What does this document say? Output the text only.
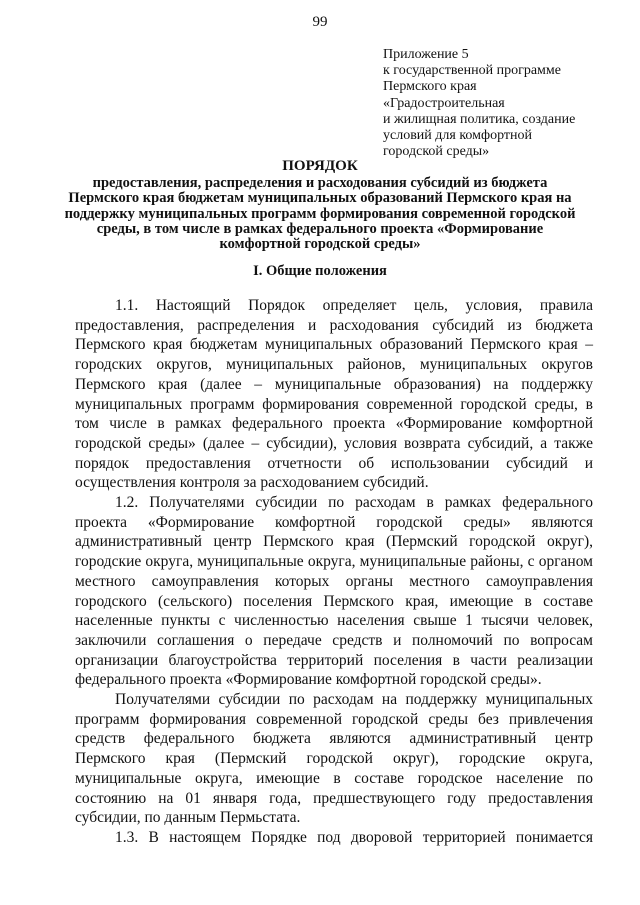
99
Приложение 5
к государственной программе
Пермского края
«Градостроительная
и жилищная политика, создание
условий для комфортной
городской среды»
ПОРЯДОК
предоставления, распределения и расходования субсидий из бюджета Пермского края бюджетам муниципальных образований Пермского края на поддержку муниципальных программ формирования современной городской среды, в том числе в рамках федерального проекта «Формирование комфортной городской среды»
I. Общие положения

1.1. Настоящий Порядок определяет цель, условия, правила предоставления, распределения и расходования субсидий из бюджета Пермского края бюджетам муниципальных образований Пермского края – городских округов, муниципальных районов, муниципальных округов Пермского края (далее – муниципальные образования) на поддержку муниципальных программ формирования современной городской среды, в том числе в рамках федерального проекта «Формирование комфортной городской среды» (далее – субсидии), условия возврата субсидий, а также порядок предоставления отчетности об использовании субсидий и осуществления контроля за расходованием субсидий.

1.2. Получателями субсидии по расходам в рамках федерального проекта «Формирование комфортной городской среды» являются административный центр Пермского края (Пермский городской округ), городские округа, муниципальные округа, муниципальные районы, с органом местного самоуправления которых органы местного самоуправления городского (сельского) поселения Пермского края, имеющие в составе населенные пункты с численностью населения свыше 1 тысячи человек, заключили соглашения о передаче средств и полномочий по вопросам организации благоустройства территорий поселения в части реализации федерального проекта «Формирование комфортной городской среды».

Получателями субсидии по расходам на поддержку муниципальных программ формирования современной городской среды без привлечения средств федерального бюджета являются административный центр Пермского края (Пермский городской округ), городские округа, муниципальные округа, имеющие в составе городское население по состоянию на 01 января года, предшествующего году предоставления субсидии, по данным Пермьстата.

1.3. В настоящем Порядке под дворовой территорией понимается
